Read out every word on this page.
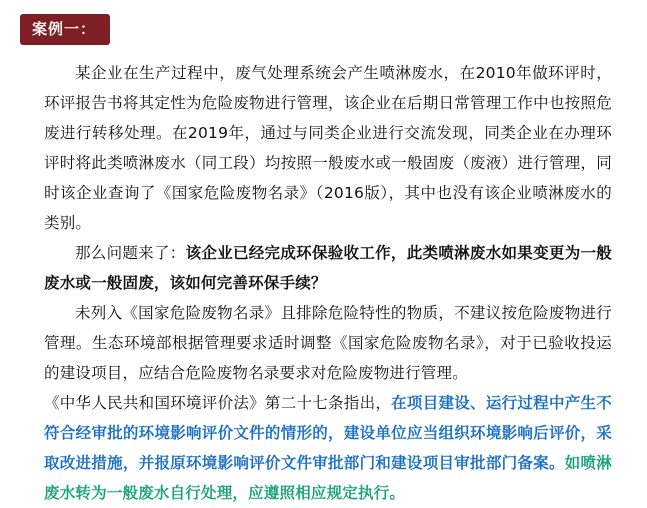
案例一：

某企业在生产过程中，废气处理系统会产生喷淋废水，在2010年做环评时，环评报告书将其定性为危险废物进行管理，该企业在后期日常管理工作中也按照危废进行转移处理。在2019年，通过与同类企业进行交流发现，同类企业在办理环评时将此类喷淋废水（同工段）均按照一般废水或一般固废（废液）进行管理，同时该企业查询了《国家危险废物名录》（2016版），其中也没有该企业喷淋废水的类别。

那么问题来了：该企业已经完成环保验收工作，此类喷淋废水如果变更为一般废水或一般固废，该如何完善环保手续？

未列入《国家危险废物名录》且排除危险特性的物质，不建议按危险废物进行管理。生态环境部根据管理要求适时调整《国家危险废物名录》，对于已验收投运的建设项目，应结合危险废物名录要求对危险废物进行管理。

《中华人民共和国环境评价法》第二十七条指出，在项目建设、运行过程中产生不符合经审批的环境影响评价文件的情形的，建设单位应当组织环境影响后评价，采取改进措施，并报原环境影响评价文件审批部门和建设项目审批部门备案。如喷淋废水转为一般废水自行处理，应遵照相应规定执行。
